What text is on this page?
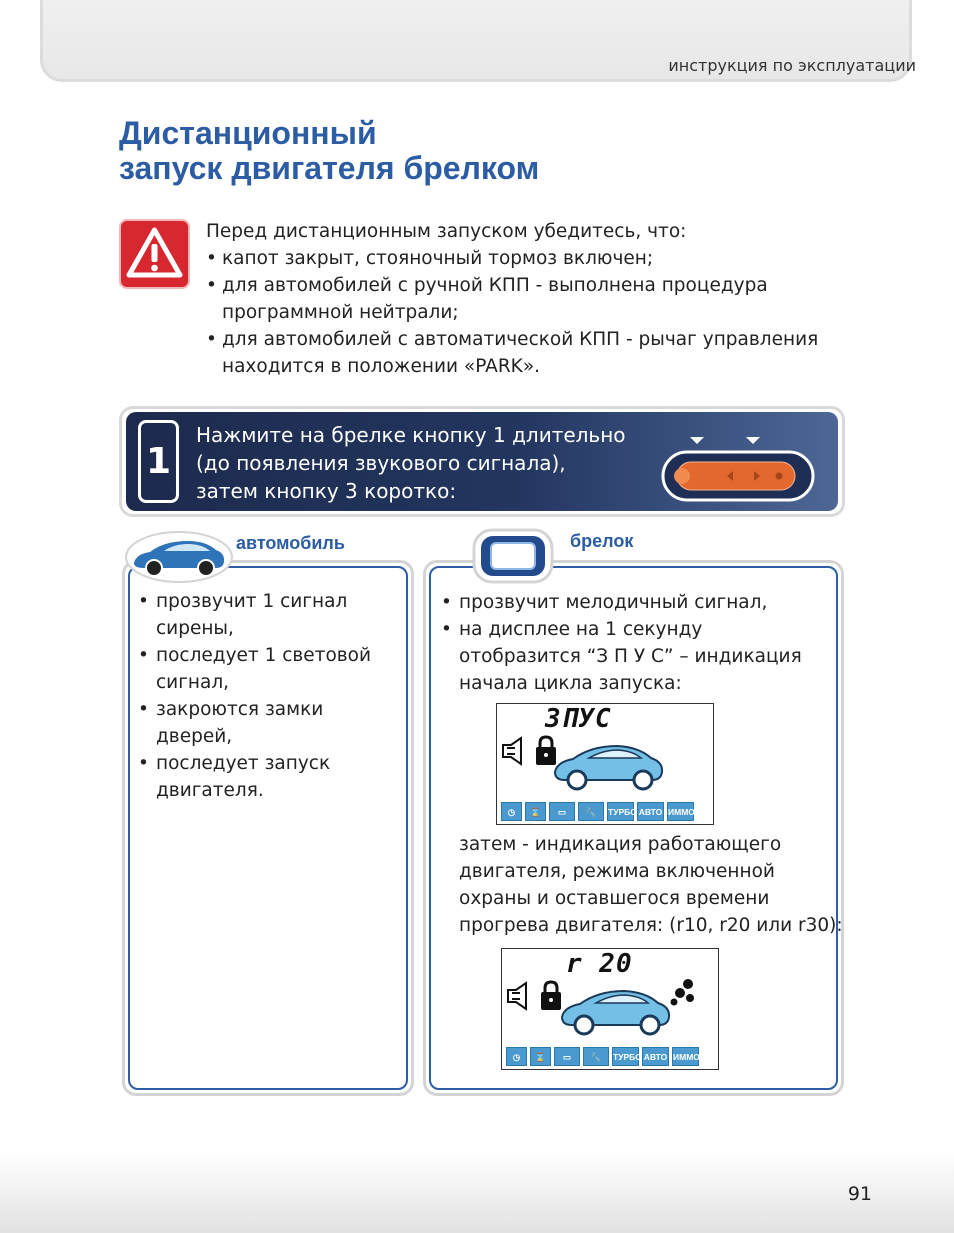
инструкция по эксплуатации
Дистанционный
запуск двигателя брелком
Перед дистанционным запуском убедитесь, что:
• капот закрыт, стояночный тормоз включен;
• для автомобилей с ручной КПП - выполнена процедура
программной нейтрали;
• для автомобилей с автоматической КПП - рычаг управления
находится в положении «PARK».
1
Нажмите на брелке кнопку 1 длительно
(до появления звукового сигнала),
затем кнопку 3 коротко:
автомобиль	брелок
• прозвучит 1 сигнал
сирены,
• последует 1 световой
сигнал,
• закроются замки
дверей,
• последует запуск
двигателя.
• прозвучит мелодичный сигнал,
• на дисплее на 1 секунду
отобразится “З П У С” – индикация
начала цикла запуска:
ЗПУС
◷	⌛	▭	🔧	ТУРБО АВТО ИММО
затем - индикация работающего
двигателя, режима включенной
охраны и оставшегося времени
прогрева двигателя: (r10, r20 или r30):
r 20
◷	⌛	▭	🔧	ТУРБО АВТО ИММО
91
